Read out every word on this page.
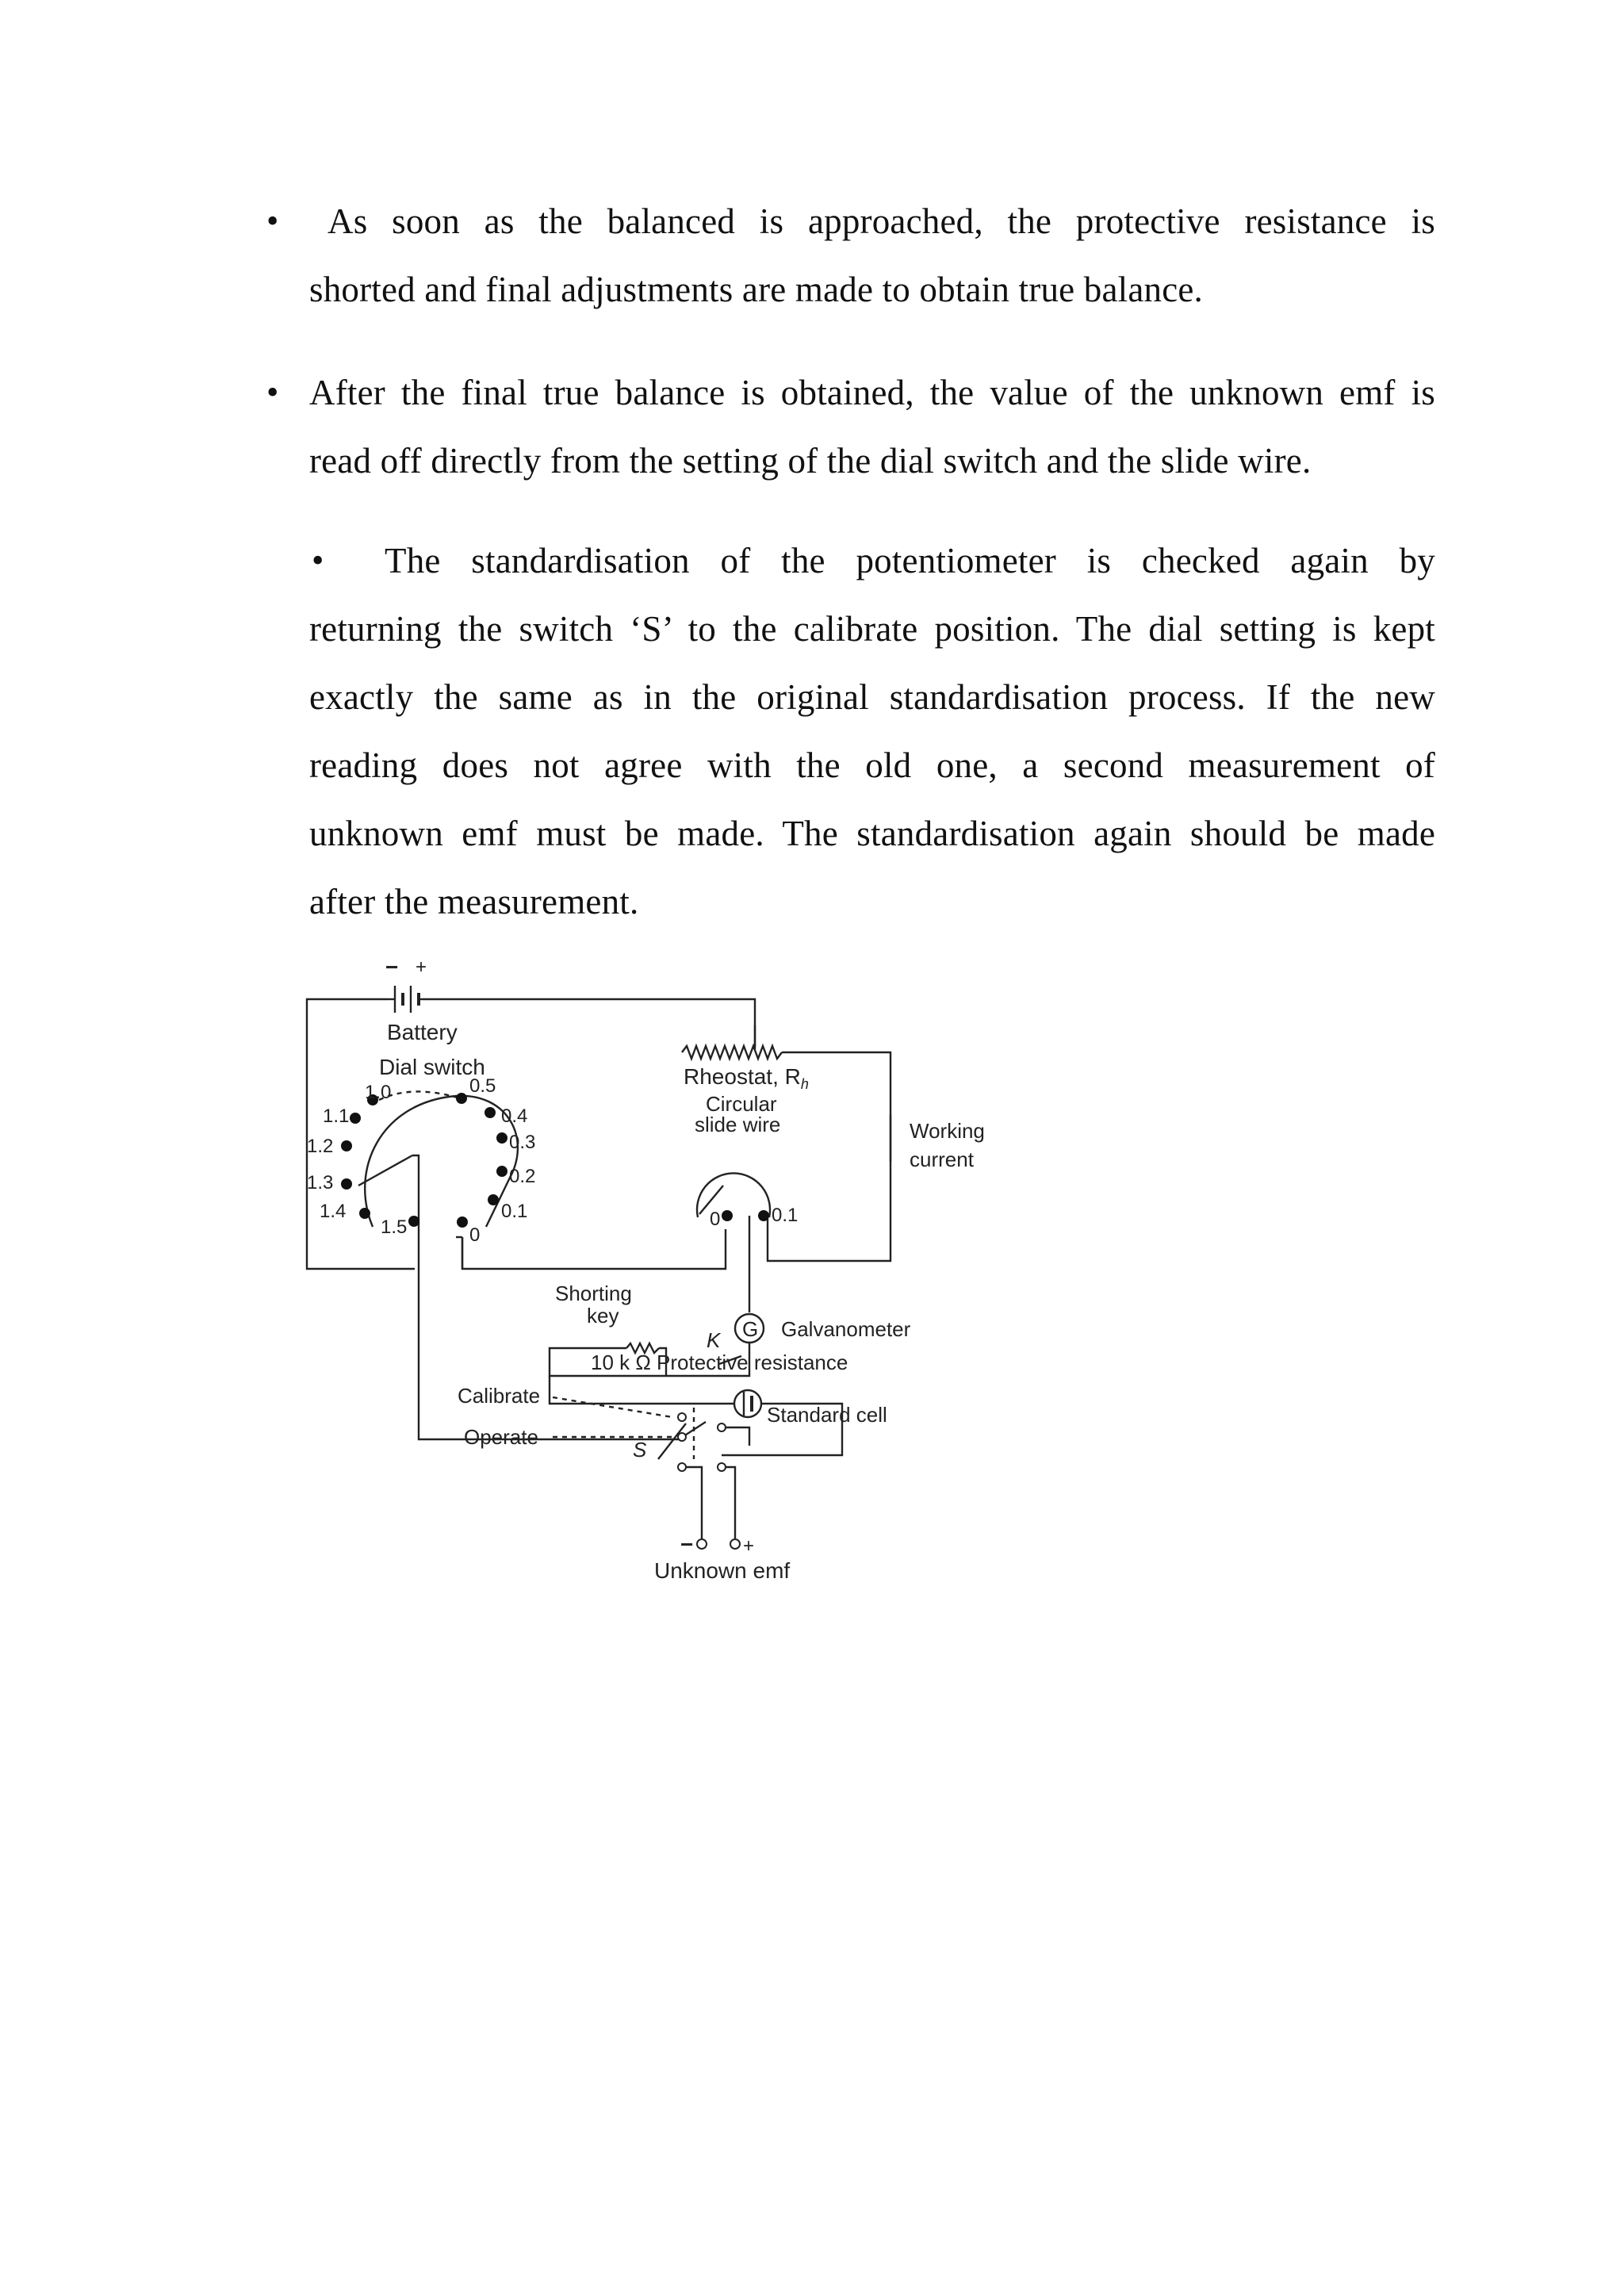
• As soon as the balanced is approached, the protective resistance is
shorted and final adjustments are made to obtain true balance.
• After the final true balance is obtained, the value of the unknown emf is
read off directly from the setting of the dial switch and the slide wire.
• The standardisation of the potentiometer is checked again by
returning the switch ‘S’ to the calibrate position. The dial setting is kept
exactly the same as in the original standardisation process. If the new
reading does not agree with the old one, a second measurement of
unknown emf must be made. The standardisation again should be made
after the measurement.
− +
Battery
Dial switch
1.0
1.1
1.2
1.3
1.4
1.5
0.5
0.4
0.3
0.2
0.1
0
Rheostat, $R_h$
Circular
slide wire
0	0.1
Working
current
Shorting
key
K G Galvanometer
10 k Ω Protective resistance
Calibrate
Operate
S
Standard cell
−	+
Unknown emf
